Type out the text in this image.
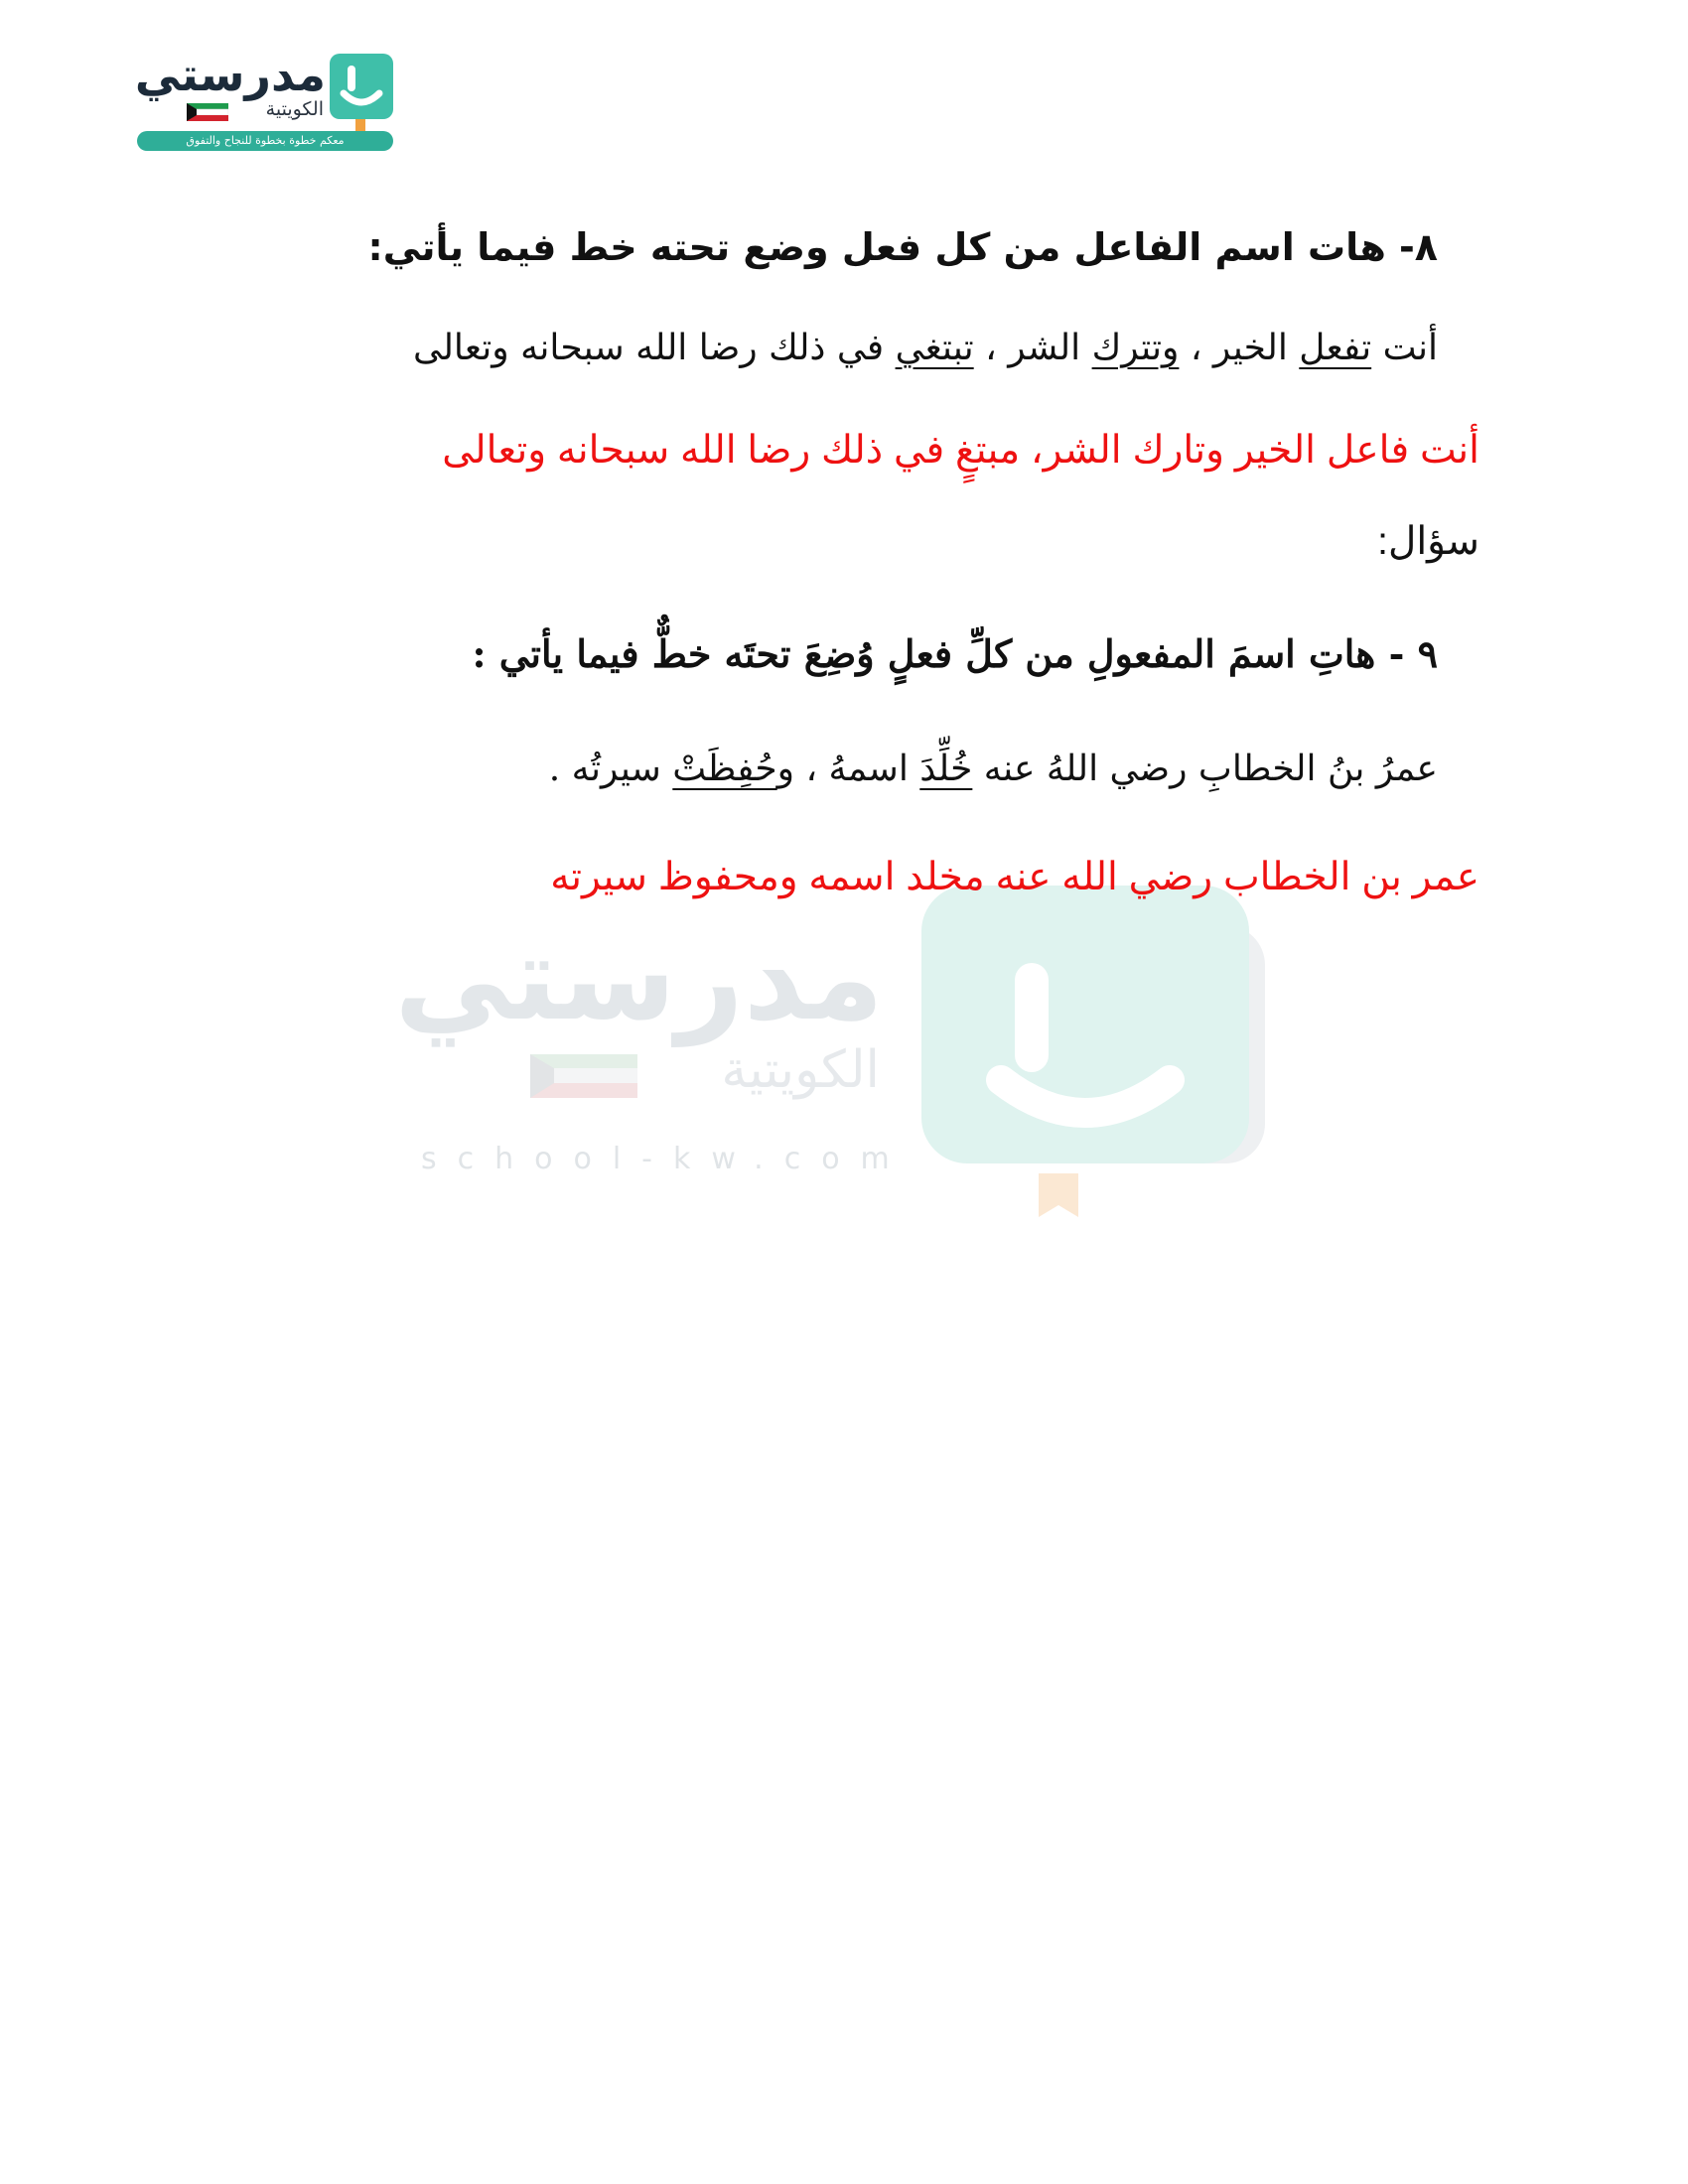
مدرستي

الكويتية

معكم خطوة بخطوة للنجاح والتفوق

مدرستي

الكويتية

school-kw.com

٨- هات اسم الفاعل من كل فعل وضع تحته خط فيما يأتي:

أنت تفعل الخير ، وتترك الشر ، تبتغي في ذلك رضا الله سبحانه وتعالى

أنت فاعل الخير وتارك الشر، مبتغٍ في ذلك رضا الله سبحانه وتعالى

سؤال:

٩ - هاتِ اسمَ المفعولِ من كلِّ فعلٍ وُضِعَ تحتَه خطٌّ فيما يأتي :

عمرُ بنُ الخطابِ رضي اللهُ عنه خُلِّدَ اسمهُ ، وحُفِظَتْ سيرتُه .

عمر بن الخطاب رضي الله عنه مخلد اسمه ومحفوظ سيرته
